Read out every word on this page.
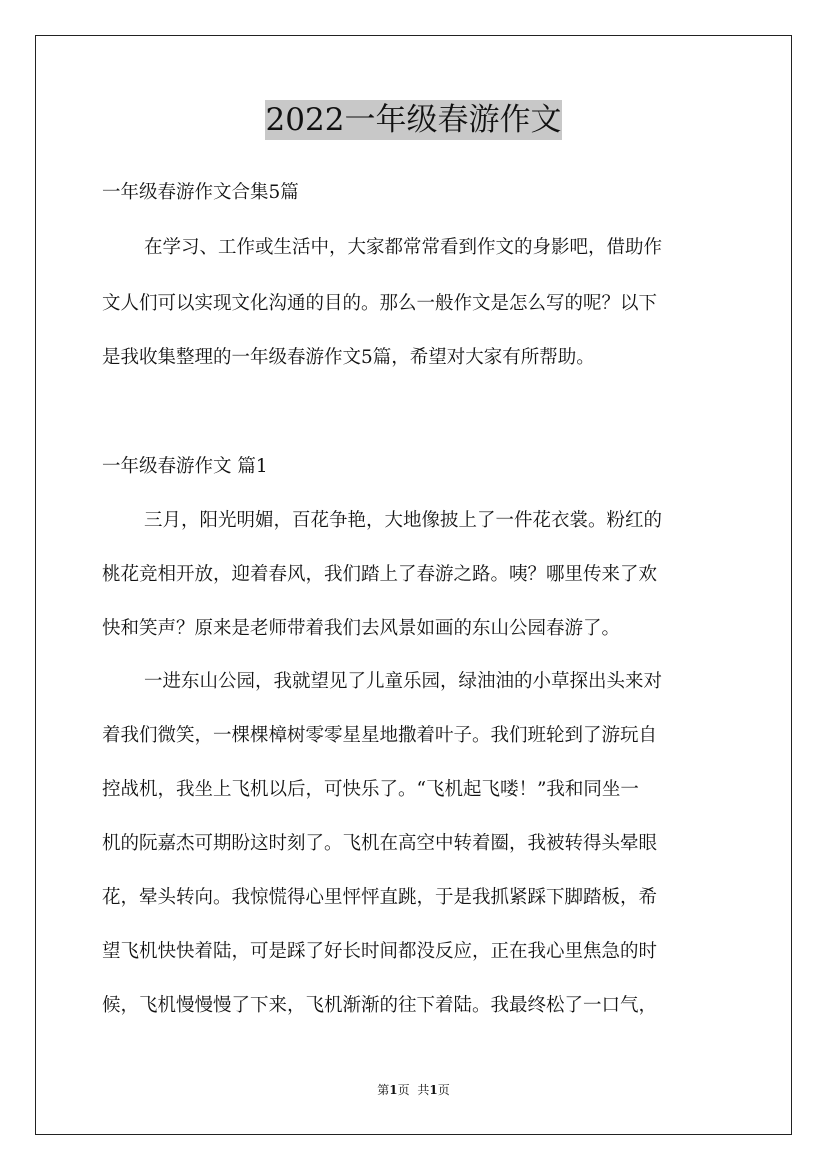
2022一年级春游作文
一年级春游作文合集5篇
在学习、工作或生活中，大家都常常看到作文的身影吧，借助作
文人们可以实现文化沟通的目的。那么一般作文是怎么写的呢？以下
是我收集整理的一年级春游作文5篇，希望对大家有所帮助。
一年级春游作文 篇1
三月，阳光明媚，百花争艳，大地像披上了一件花衣裳。粉红的
桃花竞相开放，迎着春风，我们踏上了春游之路。咦？哪里传来了欢
快和笑声？原来是老师带着我们去风景如画的东山公园春游了。
一进东山公园，我就望见了儿童乐园，绿油油的小草探出头来对
着我们微笑，一棵棵樟树零零星星地撒着叶子。我们班轮到了游玩自
控战机，我坐上飞机以后，可快乐了。“飞机起飞喽！”我和同坐一
机的阮嘉杰可期盼这时刻了。飞机在高空中转着圈，我被转得头晕眼
花，晕头转向。我惊慌得心里怦怦直跳，于是我抓紧踩下脚踏板，希
望飞机快快着陆，可是踩了好长时间都没反应，正在我心里焦急的时
候，飞机慢慢慢了下来，飞机渐渐的往下着陆。我最终松了一口气，
第1页 共1页
